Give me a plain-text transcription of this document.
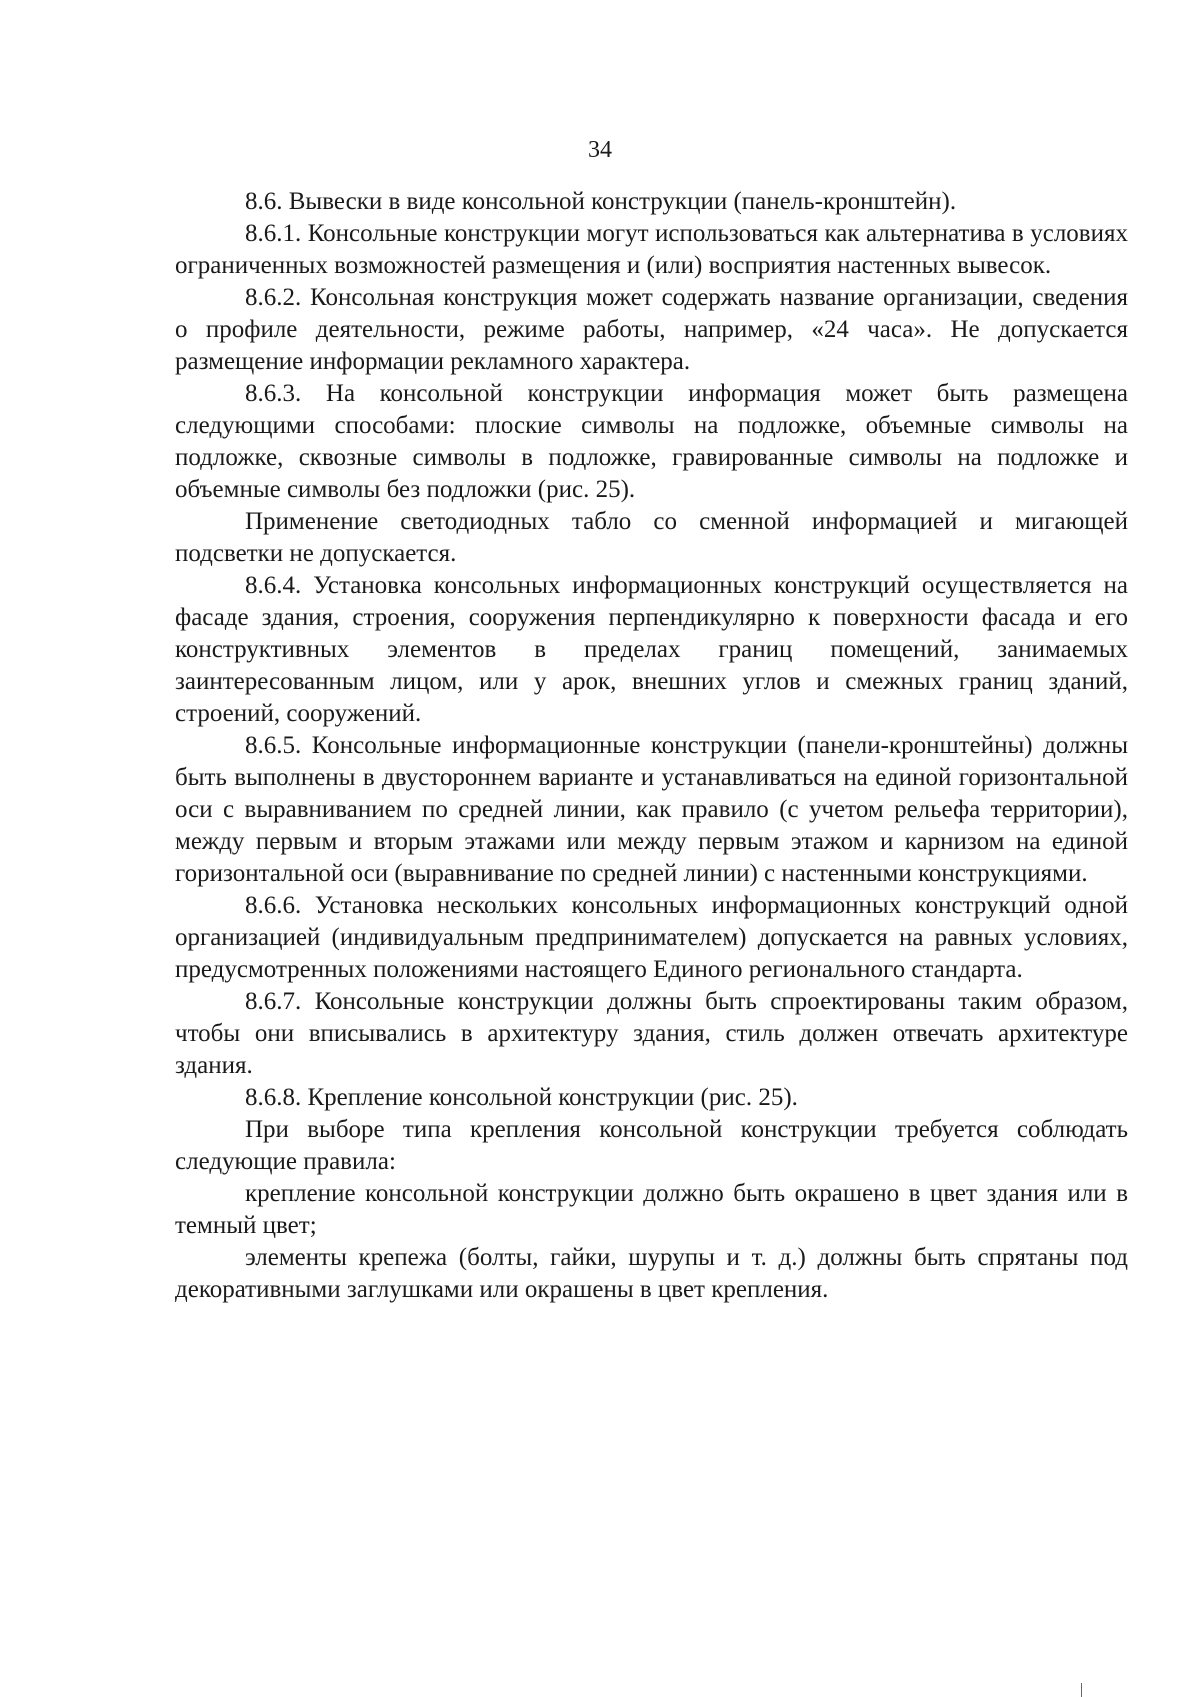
34

8.6. Вывески в виде консольной конструкции (панель-кронштейн).

8.6.1. Консольные конструкции могут использоваться как альтернатива в условиях ограниченных возможностей размещения и (или) восприятия настенных вывесок.

8.6.2. Консольная конструкция может содержать название организации, сведения о профиле деятельности, режиме работы, например, «24 часа». Не допускается размещение информации рекламного характера.

8.6.3. На консольной конструкции информация может быть размещена следующими способами: плоские символы на подложке, объемные символы на подложке, сквозные символы в подложке, гравированные символы на подложке и объемные символы без подложки (рис. 25).

Применение светодиодных табло со сменной информацией и мигающей подсветки не допускается.

8.6.4. Установка консольных информационных конструкций осуществляется на фасаде здания, строения, сооружения перпендикулярно к поверхности фасада и его конструктивных элементов в пределах границ помещений, занимаемых заинтересованным лицом, или у арок, внешних углов и смежных границ зданий, строений, сооружений.

8.6.5. Консольные информационные конструкции (панели-кронштейны) должны быть выполнены в двустороннем варианте и устанавливаться на единой горизонтальной оси с выравниванием по средней линии, как правило (с учетом рельефа территории), между первым и вторым этажами или между первым этажом и карнизом на единой горизонтальной оси (выравнивание по средней линии) с настенными конструкциями.

8.6.6. Установка нескольких консольных информационных конструкций одной организацией (индивидуальным предпринимателем) допускается на равных условиях, предусмотренных положениями настоящего Единого регионального стандарта.

8.6.7. Консольные конструкции должны быть спроектированы таким образом, чтобы они вписывались в архитектуру здания, стиль должен отвечать архитектуре здания.

8.6.8. Крепление консольной конструкции (рис. 25).

При выборе типа крепления консольной конструкции требуется соблюдать следующие правила:

крепление консольной конструкции должно быть окрашено в цвет здания или в темный цвет;

элементы крепежа (болты, гайки, шурупы и т. д.) должны быть спрятаны под декоративными заглушками или окрашены в цвет крепления.
